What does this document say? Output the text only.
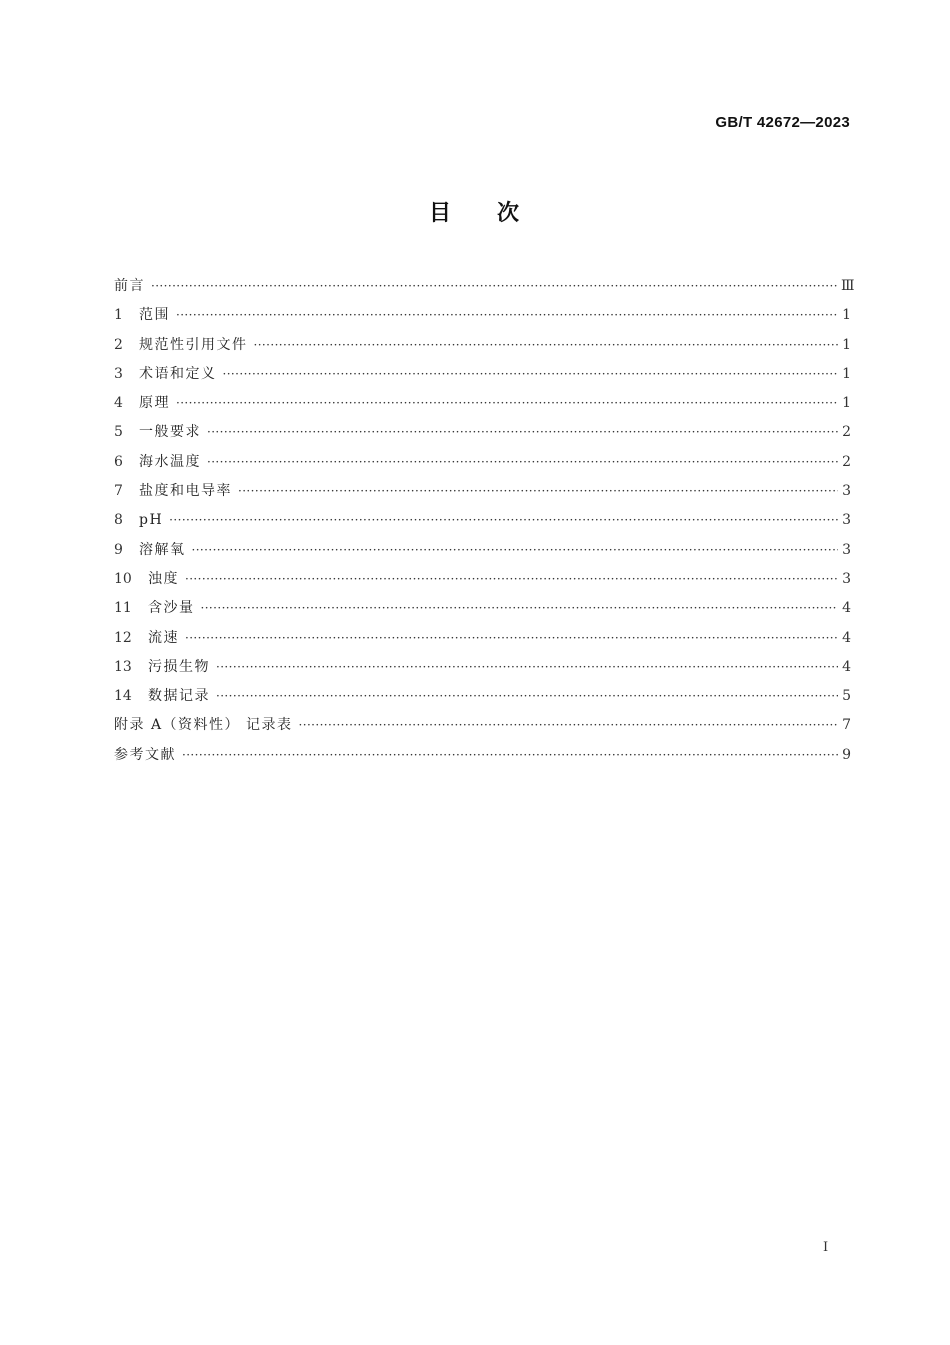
GB/T 42672—2023
目 次
前言 ·····	Ⅲ
1	范围 ·····	1
2	规范性引用文件 ·····	1
3	术语和定义 ·····	1
4	原理 ·····	1
5	一般要求 ·····	2
6	海水温度 ·····	2
7	盐度和电导率 ·····	3
8	pH ·····	3
9	溶解氧 ·····	3
10	浊度 ·····	3
11	含沙量 ·····	4
12	流速 ·····	4
13	污损生物 ·····	4
14	数据记录 ·····	5
附录 A（资料性） 记录表 ·····	7
参考文献 ·····	9
I
